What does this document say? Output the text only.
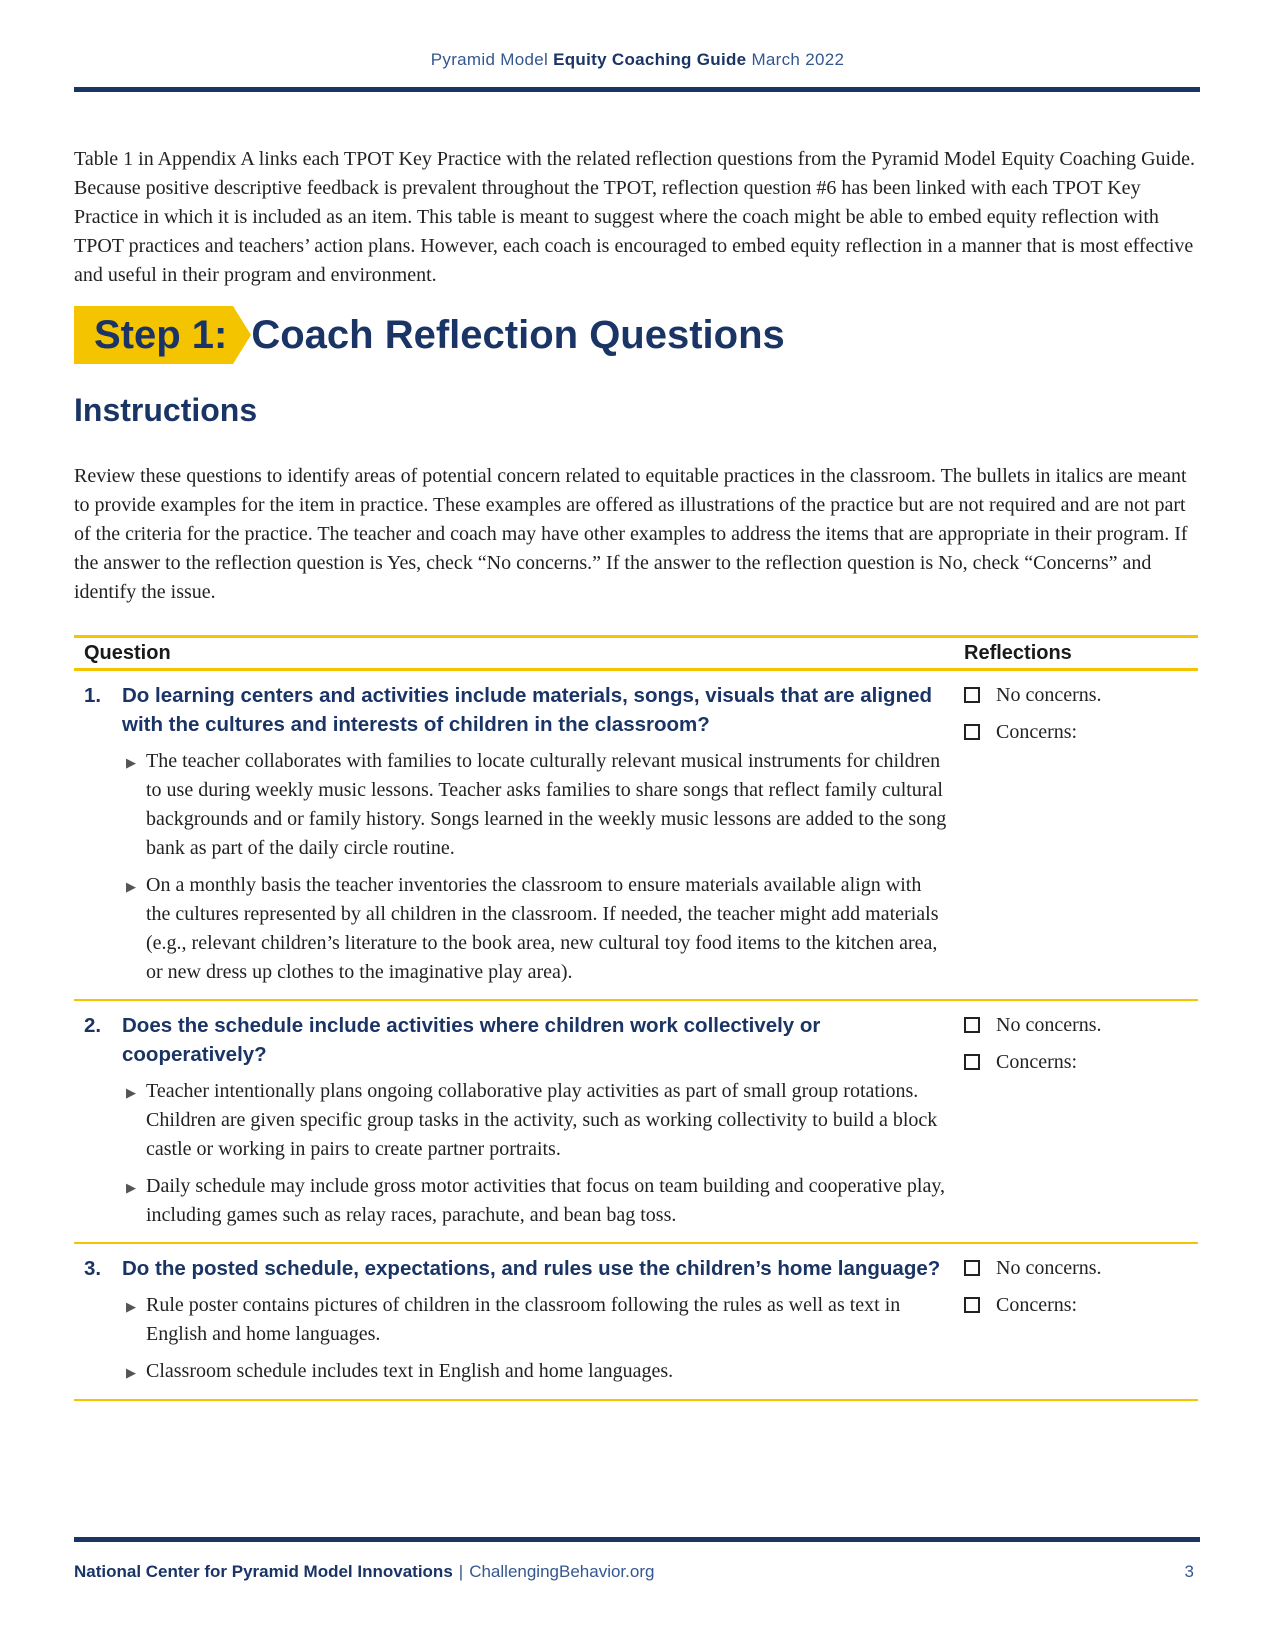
Pyramid Model Equity Coaching Guide March 2022

Table 1 in Appendix A links each TPOT Key Practice with the related reflection questions from the Pyramid Model Equity Coaching Guide. Because positive descriptive feedback is prevalent throughout the TPOT, reflection question #6 has been linked with each TPOT Key Practice in which it is included as an item. This table is meant to suggest where the coach might be able to embed equity reflection with TPOT practices and teachers’ action plans. However, each coach is encouraged to embed equity reflection in a manner that is most effective and useful in their program and environment.

Step 1: Coach Reflection Questions
Instructions

Review these questions to identify areas of potential concern related to equitable practices in the classroom. The bullets in italics are meant to provide examples for the item in practice. These examples are offered as illustrations of the practice but are not required and are not part of the criteria for the practice. The teacher and coach may have other examples to address the items that are appropriate in their program. If the answer to the reflection question is Yes, check “No concerns.” If the answer to the reflection question is No, check “Concerns” and identify the issue.

Question	Reflections
1.	Do learning centers and activities include materials, songs, visuals that are aligned with the cultures and interests of children in the classroom?
▶ The teacher collaborates with families to locate culturally relevant musical instruments for children to use during weekly music lessons. Teacher asks families to share songs that reflect family cultural backgrounds and or family history. Songs learned in the weekly music lessons are added to the song bank as part of the daily circle routine.
▶ On a monthly basis the teacher inventories the classroom to ensure materials available align with the cultures represented by all children in the classroom. If needed, the teacher might add materials (e.g., relevant children’s literature to the book area, new cultural toy food items to the kitchen area, or new dress up clothes to the imaginative play area).
No concerns.
Concerns:
2.	Does the schedule include activities where children work collectively or cooperatively?
▶ Teacher intentionally plans ongoing collaborative play activities as part of small group rotations. Children are given specific group tasks in the activity, such as working collectivity to build a block castle or working in pairs to create partner portraits.
▶ Daily schedule may include gross motor activities that focus on team building and cooperative play, including games such as relay races, parachute, and bean bag toss.
No concerns.
Concerns:
3.	Do the posted schedule, expectations, and rules use the children’s home language?
▶ Rule poster contains pictures of children in the classroom following the rules as well as text in English and home languages.
▶ Classroom schedule includes text in English and home languages.
No concerns.
Concerns:
National Center for Pyramid Model Innovations | ChallengingBehavior.org	3
